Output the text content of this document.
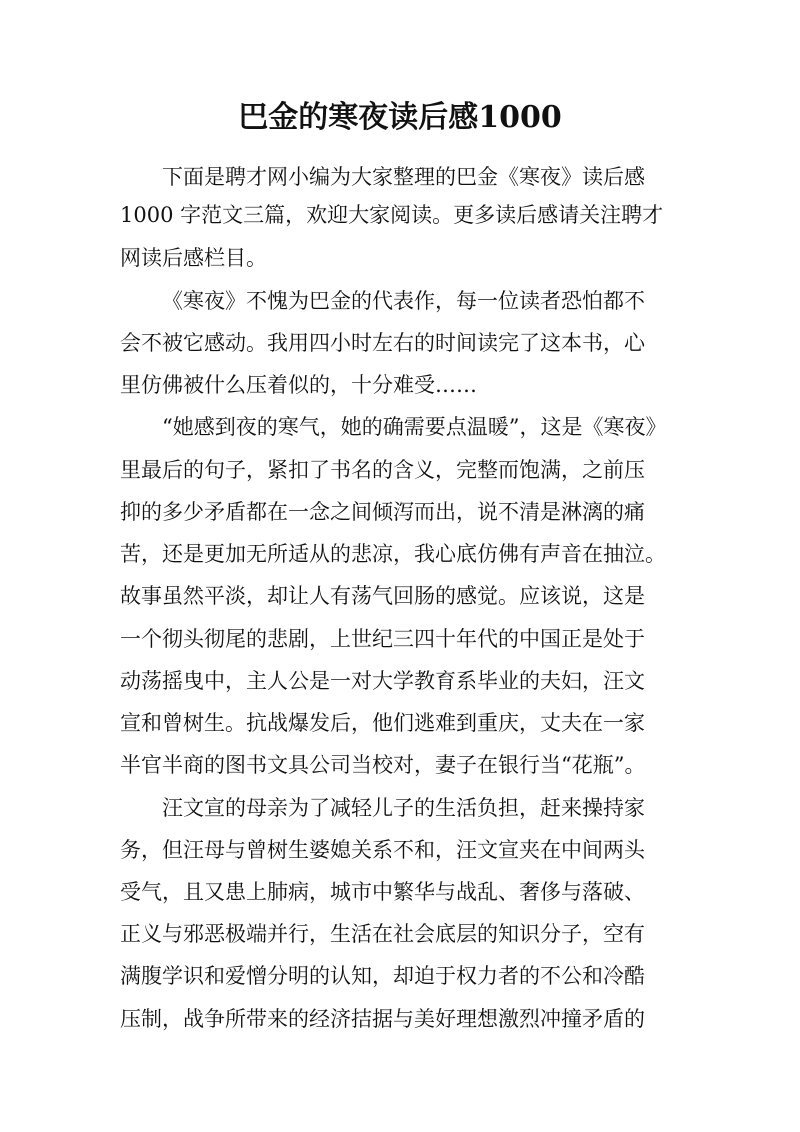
巴金的寒夜读后感1000
下面是聘才网小编为大家整理的巴金《寒夜》读后感
1000 字范文三篇，欢迎大家阅读。更多读后感请关注聘才
网读后感栏目。
《寒夜》不愧为巴金的代表作，每一位读者恐怕都不
会不被它感动。我用四小时左右的时间读完了这本书，心
里仿佛被什么压着似的，十分难受……
“她感到夜的寒气，她的确需要点温暖”，这是《寒夜》
里最后的句子，紧扣了书名的含义，完整而饱满，之前压
抑的多少矛盾都在一念之间倾泻而出，说不清是淋漓的痛
苦，还是更加无所适从的悲凉，我心底仿佛有声音在抽泣。
故事虽然平淡，却让人有荡气回肠的感觉。应该说，这是
一个彻头彻尾的悲剧，上世纪三四十年代的中国正是处于
动荡摇曳中，主人公是一对大学教育系毕业的夫妇，汪文
宣和曾树生。抗战爆发后，他们逃难到重庆，丈夫在一家
半官半商的图书文具公司当校对，妻子在银行当“花瓶”。
汪文宣的母亲为了减轻儿子的生活负担，赶来操持家
务，但汪母与曾树生婆媳关系不和，汪文宣夹在中间两头
受气，且又患上肺病，城市中繁华与战乱、奢侈与落破、
正义与邪恶极端并行，生活在社会底层的知识分子，空有
满腹学识和爱憎分明的认知，却迫于权力者的不公和冷酷
压制，战争所带来的经济拮据与美好理想激烈冲撞矛盾的
